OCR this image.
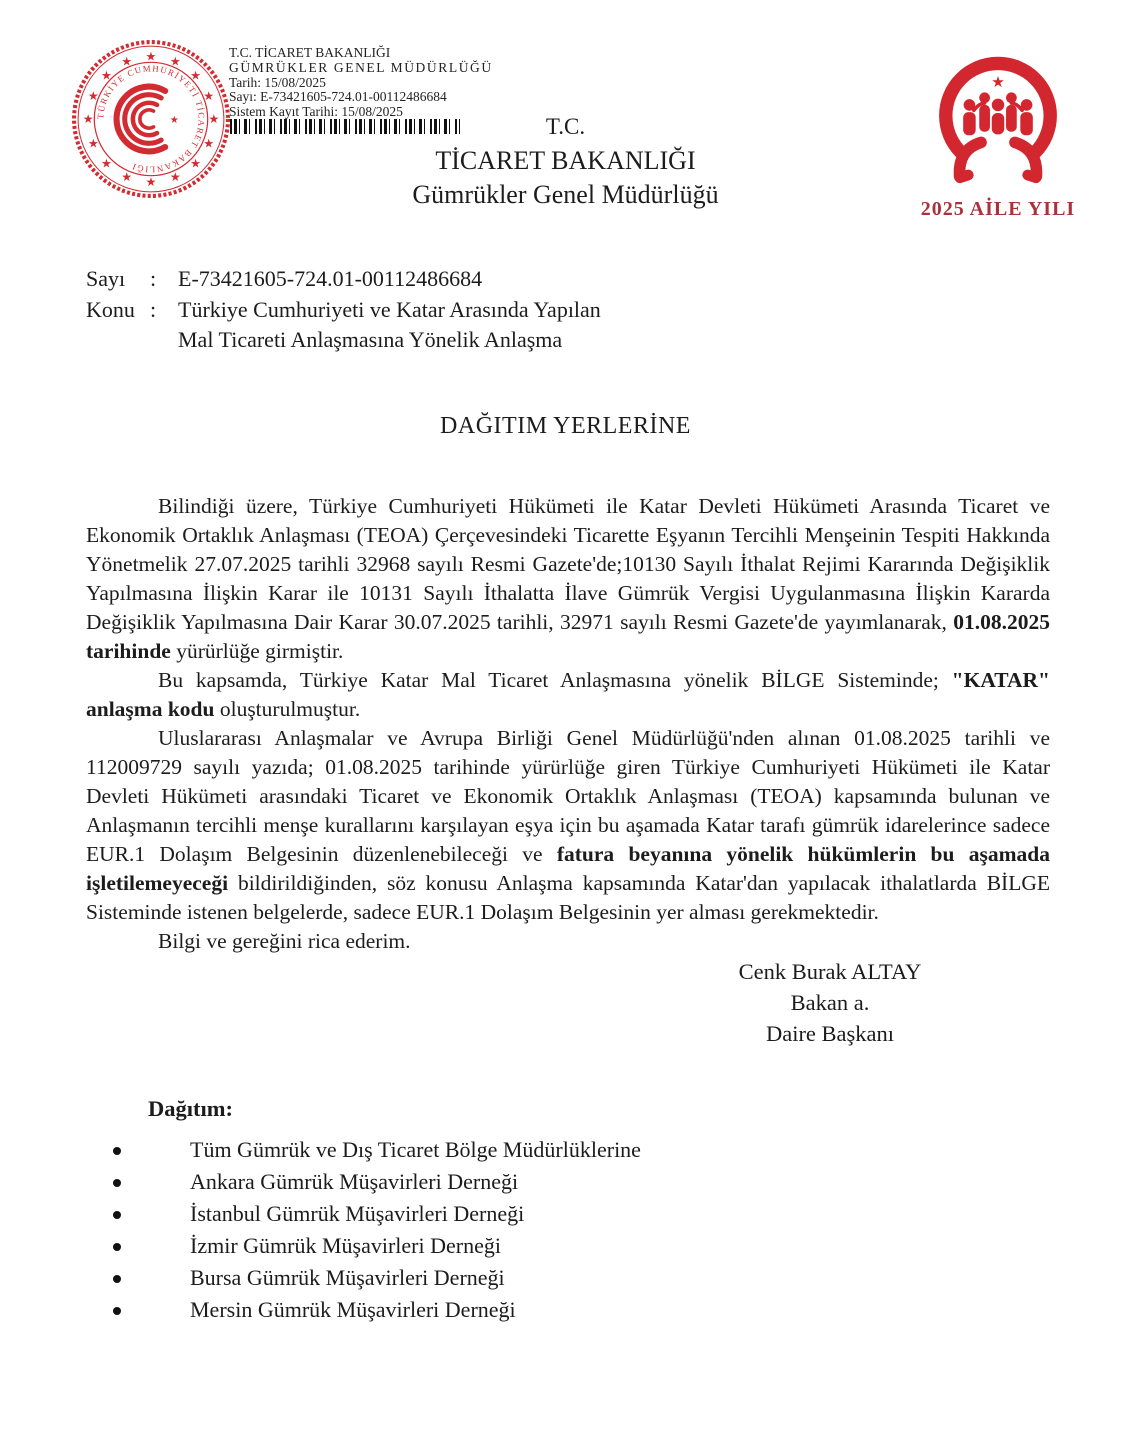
★
★
★
★
★
★
★
★
★
★
★
★ ★ ★
★
★
TÜRKİYE CUMHURİYETİ TİCARET BAKANLIĞI
★
T.C. TİCARET BAKANLIĞI
GÜMRÜKLER GENEL MÜDÜRLÜĞÜ
Tarih: 15/08/2025
Sayı: E-73421605-724.01-00112486684
Sistem Kayıt Tarihi: 15/08/2025
T.C.
TİCARET BAKANLIĞI
Gümrükler Genel Müdürlüğü
★
2025 AİLE YILI
Sayı	: E-73421605-724.01-00112486684
Konu : Türkiye Cumhuriyeti ve Katar Arasında Yapılan
Mal Ticareti Anlaşmasına Yönelik Anlaşma
DAĞITIM YERLERİNE

Bilindiği üzere, Türkiye Cumhuriyeti Hükümeti ile Katar Devleti Hükümeti Arasında Ticaret ve Ekonomik Ortaklık Anlaşması (TEOA) Çerçevesindeki Ticarette Eşyanın Tercihli Menşeinin Tespiti Hakkında Yönetmelik 27.07.2025 tarihli 32968 sayılı Resmi Gazete'de;10130 Sayılı İthalat Rejimi Kararında Değişiklik Yapılmasına İlişkin Karar ile 10131 Sayılı İthalatta İlave Gümrük Vergisi Uygulanmasına İlişkin Kararda Değişiklik Yapılmasına Dair Karar 30.07.2025 tarihli, 32971 sayılı Resmi Gazete'de yayımlanarak, 01.08.2025 tarihinde yürürlüğe girmiştir.

Bu kapsamda, Türkiye Katar Mal Ticaret Anlaşmasına yönelik BİLGE Sisteminde; "KATAR" anlaşma kodu oluşturulmuştur.

Uluslararası Anlaşmalar ve Avrupa Birliği Genel Müdürlüğü'nden alınan 01.08.2025 tarihli ve 112009729 sayılı yazıda; 01.08.2025 tarihinde yürürlüğe giren Türkiye Cumhuriyeti Hükümeti ile Katar Devleti Hükümeti arasındaki Ticaret ve Ekonomik Ortaklık Anlaşması (TEOA) kapsamında bulunan ve Anlaşmanın tercihli menşe kurallarını karşılayan eşya için bu aşamada Katar tarafı gümrük idarelerince sadece EUR.1 Dolaşım Belgesinin düzenlenebileceği ve fatura beyanına yönelik hükümlerin bu aşamada işletilemeyeceği bildirildiğinden, söz konusu Anlaşma kapsamında Katar'dan yapılacak ithalatlarda BİLGE Sisteminde istenen belgelerde, sadece EUR.1 Dolaşım Belgesinin yer alması gerekmektedir.

Bilgi ve gereğini rica ederim.

Cenk Burak ALTAY
Bakan a.
Daire Başkanı
Dağıtım:
Tüm Gümrük ve Dış Ticaret Bölge Müdürlüklerine
Ankara Gümrük Müşavirleri Derneği
İstanbul Gümrük Müşavirleri Derneği
İzmir Gümrük Müşavirleri Derneği
Bursa Gümrük Müşavirleri Derneği
Mersin Gümrük Müşavirleri Derneği
